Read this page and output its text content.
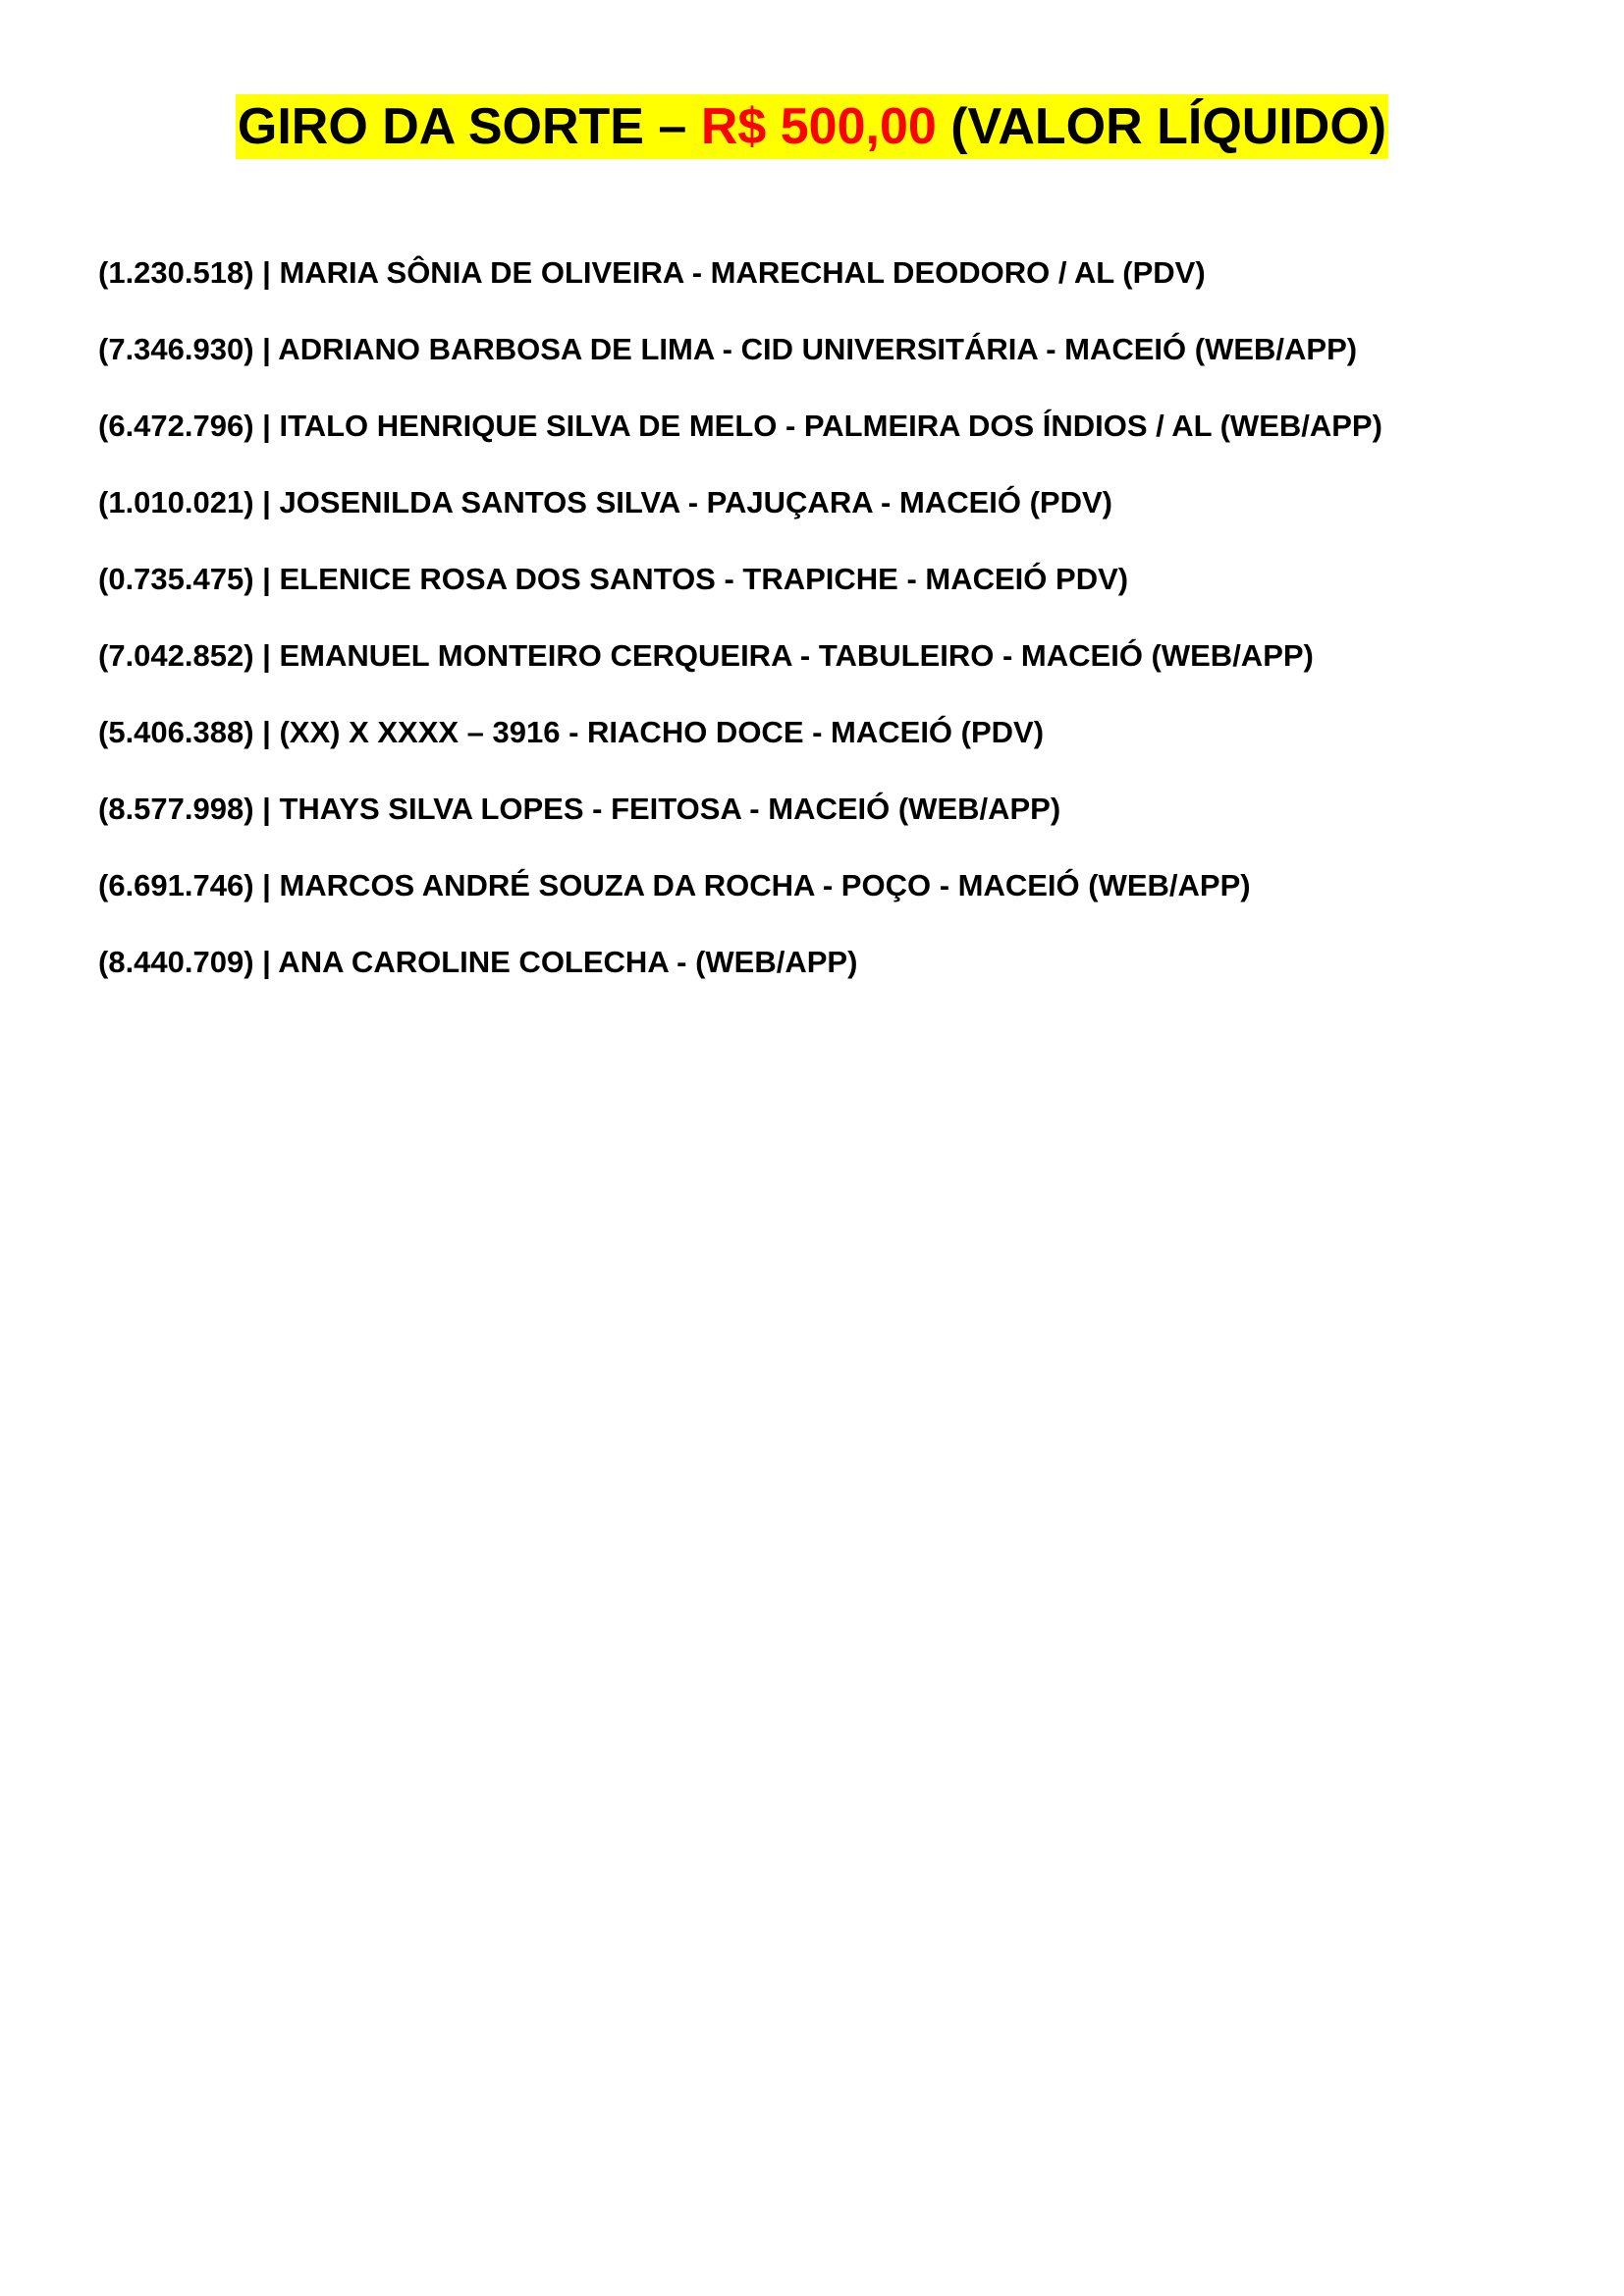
GIRO DA SORTE – R$ 500,00 (VALOR LÍQUIDO)
(1.230.518) | MARIA SÔNIA DE OLIVEIRA - MARECHAL DEODORO / AL (PDV)
(7.346.930) | ADRIANO BARBOSA DE LIMA - CID UNIVERSITÁRIA - MACEIÓ (WEB/APP)
(6.472.796) | ITALO HENRIQUE SILVA DE MELO - PALMEIRA DOS ÍNDIOS / AL (WEB/APP)
(1.010.021) | JOSENILDA SANTOS SILVA - PAJUÇARA - MACEIÓ (PDV)
(0.735.475) | ELENICE ROSA DOS SANTOS - TRAPICHE - MACEIÓ PDV)
(7.042.852) | EMANUEL MONTEIRO CERQUEIRA - TABULEIRO - MACEIÓ (WEB/APP)
(5.406.388) | (XX) X XXXX – 3916 - RIACHO DOCE - MACEIÓ (PDV)
(8.577.998) | THAYS SILVA LOPES - FEITOSA - MACEIÓ (WEB/APP)
(6.691.746) | MARCOS ANDRÉ SOUZA DA ROCHA - POÇO - MACEIÓ (WEB/APP)
(8.440.709) | ANA CAROLINE COLECHA - (WEB/APP)
